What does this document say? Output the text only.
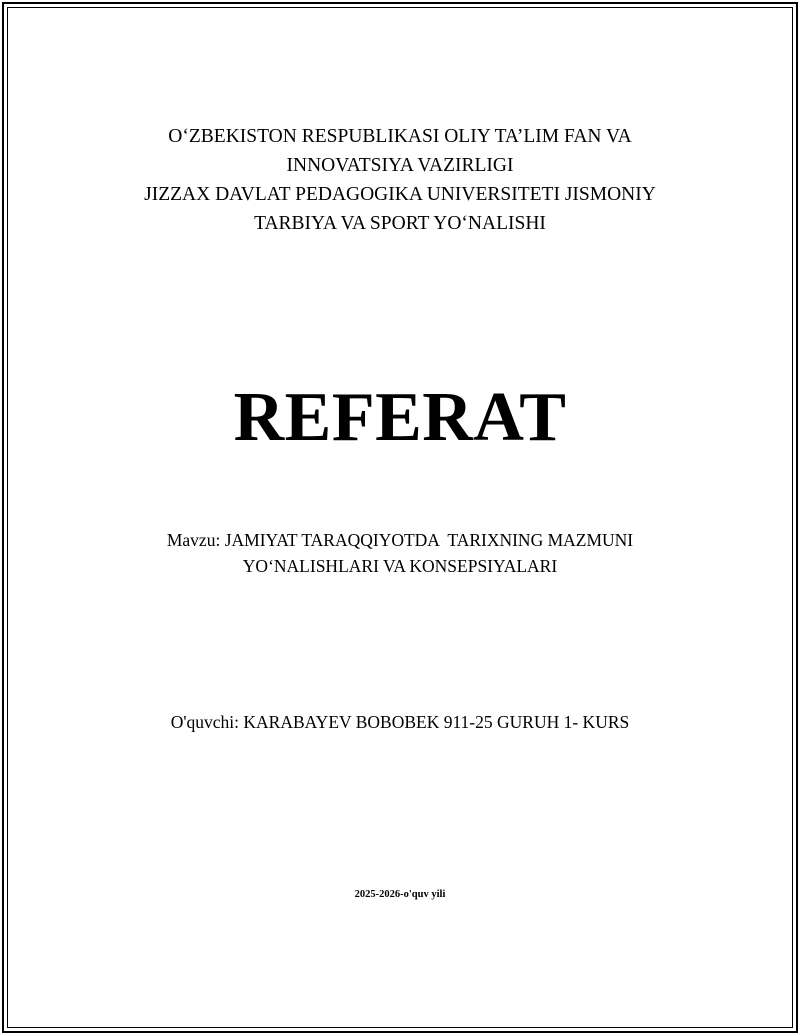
O‘ZBEKISTON RESPUBLIKASI OLIY TA’LIM FAN VA
INNOVATSIYA VAZIRLIGI
JIZZAX DAVLAT PEDAGOGIKA UNIVERSITETI JISMONIY
TARBIYA VA SPORT YO‘NALISHI
REFERAT
Mavzu: JAMIYAT TARAQQIYOTDA  TARIXNING MAZMUNI
YO‘NALISHLARI VA KONSEPSIYALARI
O'quvchi: KARABAYEV BOBOBEK 911-25 GURUH 1- KURS
2025-2026-o'quv yili
